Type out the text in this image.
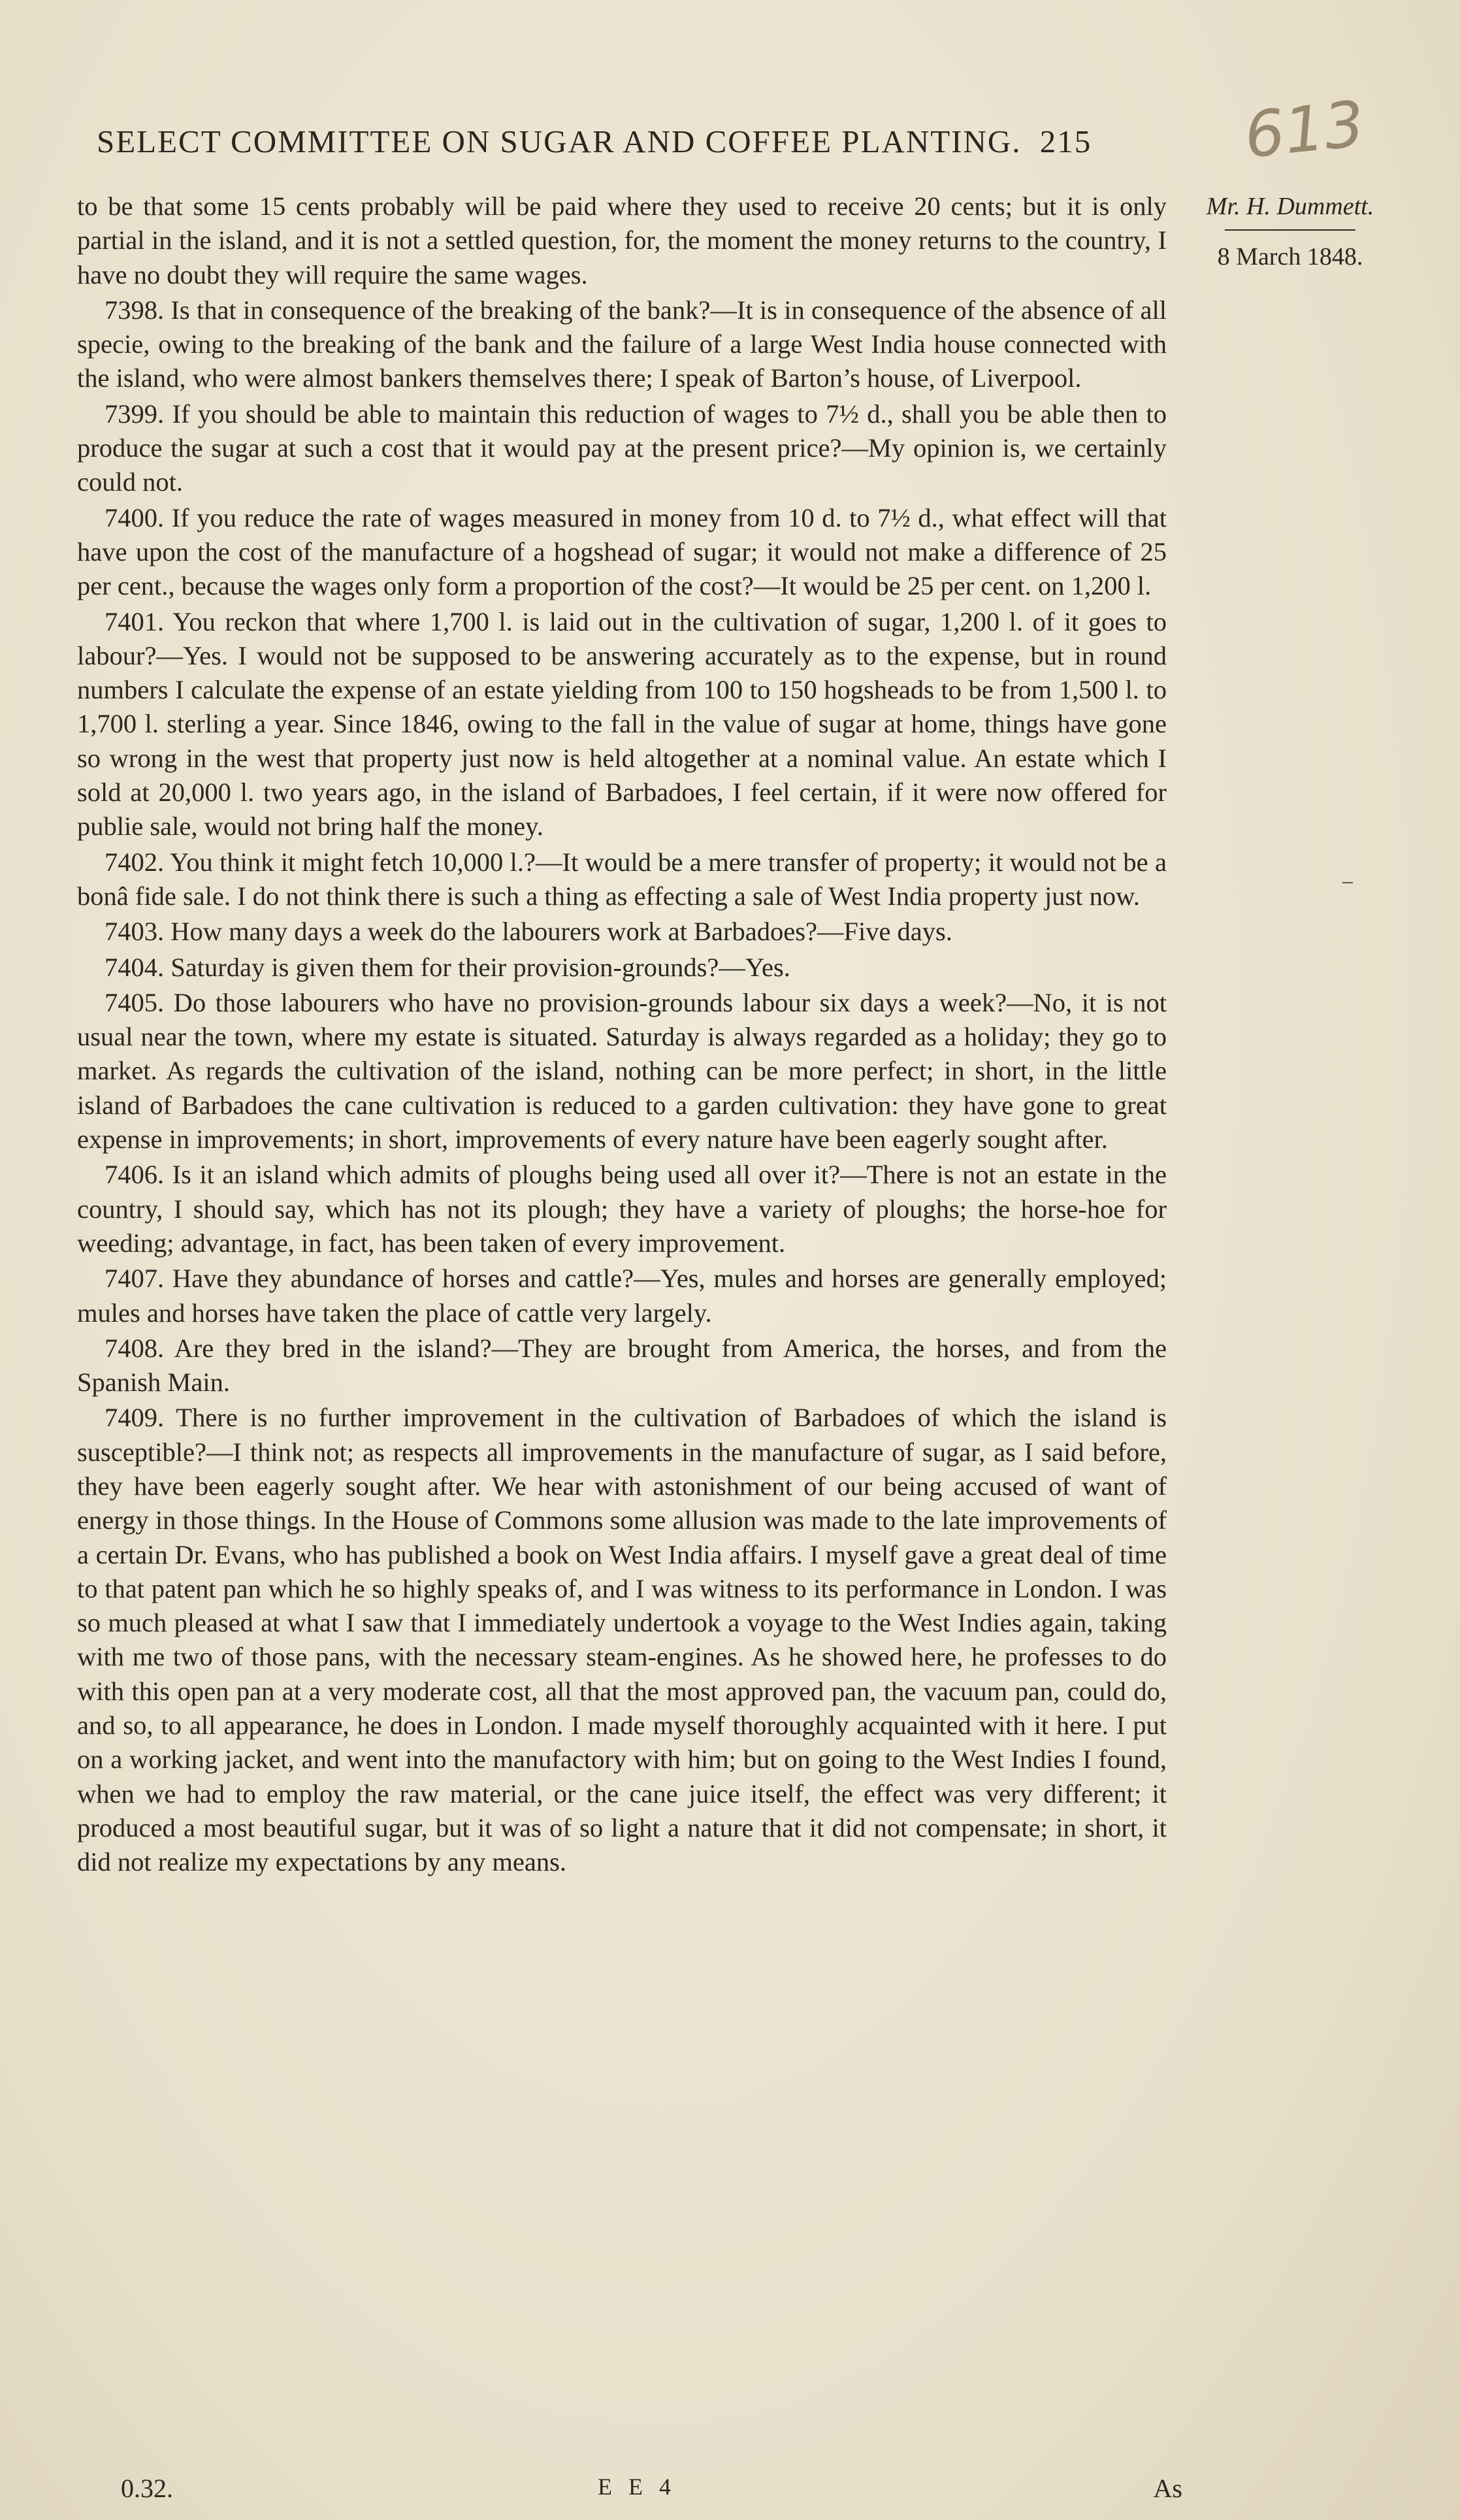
SELECT COMMITTEE ON SUGAR AND COFFEE PLANTING. 215	613
Mr. H. Dummett.
8 March 1848.

to be that some 15 cents probably will be paid where they used to receive 20 cents; but it is only partial in the island, and it is not a settled question, for, the moment the money returns to the country, I have no doubt they will require the same wages.

7398. Is that in consequence of the breaking of the bank?—It is in consequence of the absence of all specie, owing to the breaking of the bank and the failure of a large West India house connected with the island, who were almost bankers themselves there; I speak of Barton’s house, of Liverpool.

7399. If you should be able to maintain this reduction of wages to 7½ d., shall you be able then to produce the sugar at such a cost that it would pay at the present price?—My opinion is, we certainly could not.

7400. If you reduce the rate of wages measured in money from 10 d. to 7½ d., what effect will that have upon the cost of the manufacture of a hogshead of sugar; it would not make a difference of 25 per cent., because the wages only form a proportion of the cost?—It would be 25 per cent. on 1,200 l.

7401. You reckon that where 1,700 l. is laid out in the cultivation of sugar, 1,200 l. of it goes to labour?—Yes. I would not be supposed to be answering accurately as to the expense, but in round numbers I calculate the expense of an estate yielding from 100 to 150 hogsheads to be from 1,500 l. to 1,700 l. sterling a year. Since 1846, owing to the fall in the value of sugar at home, things have gone so wrong in the west that property just now is held altogether at a nominal value. An estate which I sold at 20,000 l. two years ago, in the island of Barbadoes, I feel certain, if it were now offered for publie sale, would not bring half the money.

7402. You think it might fetch 10,000 l.?—It would be a mere transfer of property; it would not be a bonâ fide sale. I do not think there is such a thing as effecting a sale of West India property just now.

7403. How many days a week do the labourers work at Barbadoes?—Five days.

7404. Saturday is given them for their provision-grounds?—Yes.

7405. Do those labourers who have no provision-grounds labour six days a week?—No, it is not usual near the town, where my estate is situated. Saturday is always regarded as a holiday; they go to market. As regards the cultivation of the island, nothing can be more perfect; in short, in the little island of Barbadoes the cane cultivation is reduced to a garden cultivation: they have gone to great expense in improvements; in short, improvements of every nature have been eagerly sought after.

7406. Is it an island which admits of ploughs being used all over it?—There is not an estate in the country, I should say, which has not its plough; they have a variety of ploughs; the horse-hoe for weeding; advantage, in fact, has been taken of every improvement.

7407. Have they abundance of horses and cattle?—Yes, mules and horses are generally employed; mules and horses have taken the place of cattle very largely.

7408. Are they bred in the island?—They are brought from America, the horses, and from the Spanish Main.

7409. There is no further improvement in the cultivation of Barbadoes of which the island is susceptible?—I think not; as respects all improvements in the manufacture of sugar, as I said before, they have been eagerly sought after. We hear with astonishment of our being accused of want of energy in those things. In the House of Commons some allusion was made to the late improvements of a certain Dr. Evans, who has published a book on West India affairs. I myself gave a great deal of time to that patent pan which he so highly speaks of, and I was witness to its performance in London. I was so much pleased at what I saw that I immediately undertook a voyage to the West Indies again, taking with me two of those pans, with the necessary steam-engines. As he showed here, he professes to do with this open pan at a very moderate cost, all that the most approved pan, the vacuum pan, could do, and so, to all appearance, he does in London. I made myself thoroughly acquainted with it here. I put on a working jacket, and went into the manufactory with him; but on going to the West Indies I found, when we had to employ the raw material, or the cane juice itself, the effect was very different; it produced a most beautiful sugar, but it was of so light a nature that it did not compensate; in short, it did not realize my expectations by any means.

0.32.	E E 4	As
